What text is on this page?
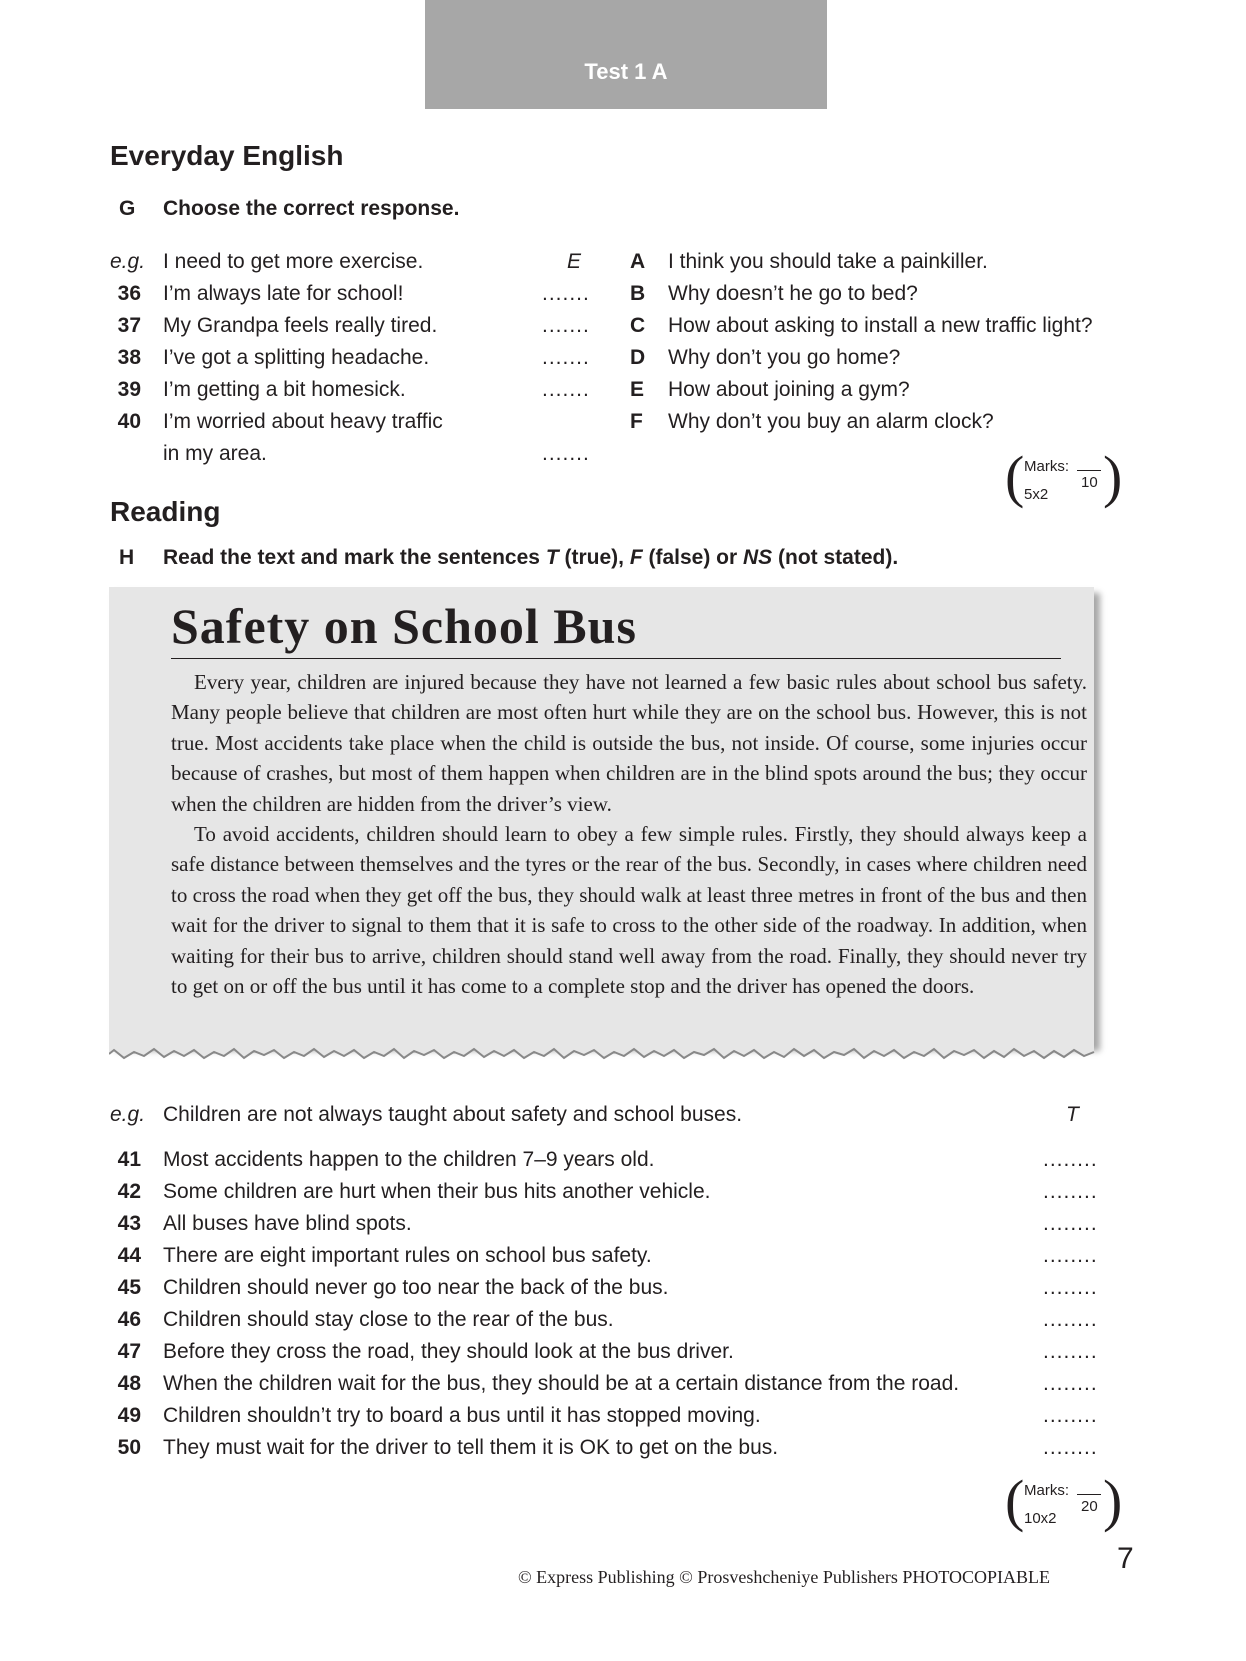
Test 1 A
Everyday English
G Choose the correct response.
e.g. I need to get more exercise.	E
36 I’m always late for school!	.......
37 My Grandpa feels really tired.	.......
38 I’ve got a splitting headache.	.......
39 I’m getting a bit homesick.	.......
40 I’m worried about heavy traffic
in my area.	.......
A I think you should take a painkiller.
B Why doesn’t he go to bed?
C How about asking to install a new traffic light?
D Why don’t you go home?
E How about joining a gym?
F Why don’t you buy an alarm clock?
( Marks:
10
5x2 )
Reading
H Read the text and mark the sentences T (true), F (false) or NS (not stated).
Safety on School Bus
Every year, children are injured because they have not learned a few basic rules about school bus safety. Many people believe that children are most often hurt while they are on the school bus. However, this is not true. Most accidents take place when the child is outside the bus, not inside. Of course, some injuries occur because of crashes, but most of them happen when children are in the blind spots around the bus; they occur when the children are hidden from the driver’s view.
To avoid accidents, children should learn to obey a few simple rules. Firstly, they should always keep a safe distance between themselves and the tyres or the rear of the bus. Secondly, in cases where children need to cross the road when they get off the bus, they should walk at least three metres in front of the bus and then wait for the driver to signal to them that it is safe to cross to the other side of the roadway. In addition, when waiting for their bus to arrive, children should stand well away from the road. Finally, they should never try to get on or off the bus until it has come to a complete stop and the driver has opened the doors.
e.g. Children are not always taught about safety and school buses.	T
41 Most accidents happen to the children 7–9 years old.	........
42 Some children are hurt when their bus hits another vehicle.	........
43 All buses have blind spots.	........
44 There are eight important rules on school bus safety.	........
45 Children should never go too near the back of the bus.	........
46 Children should stay close to the rear of the bus.	........
47 Before they cross the road, they should look at the bus driver.	........
48 When the children wait for the bus, they should be at a certain distance from the road.	........
49 Children shouldn’t try to board a bus until it has stopped moving.	........
50 They must wait for the driver to tell them it is OK to get on the bus.	........
( Marks:
20
10x2 )
© Express Publishing © Prosveshcheniye Publishers PHOTOCOPIABLE
7
